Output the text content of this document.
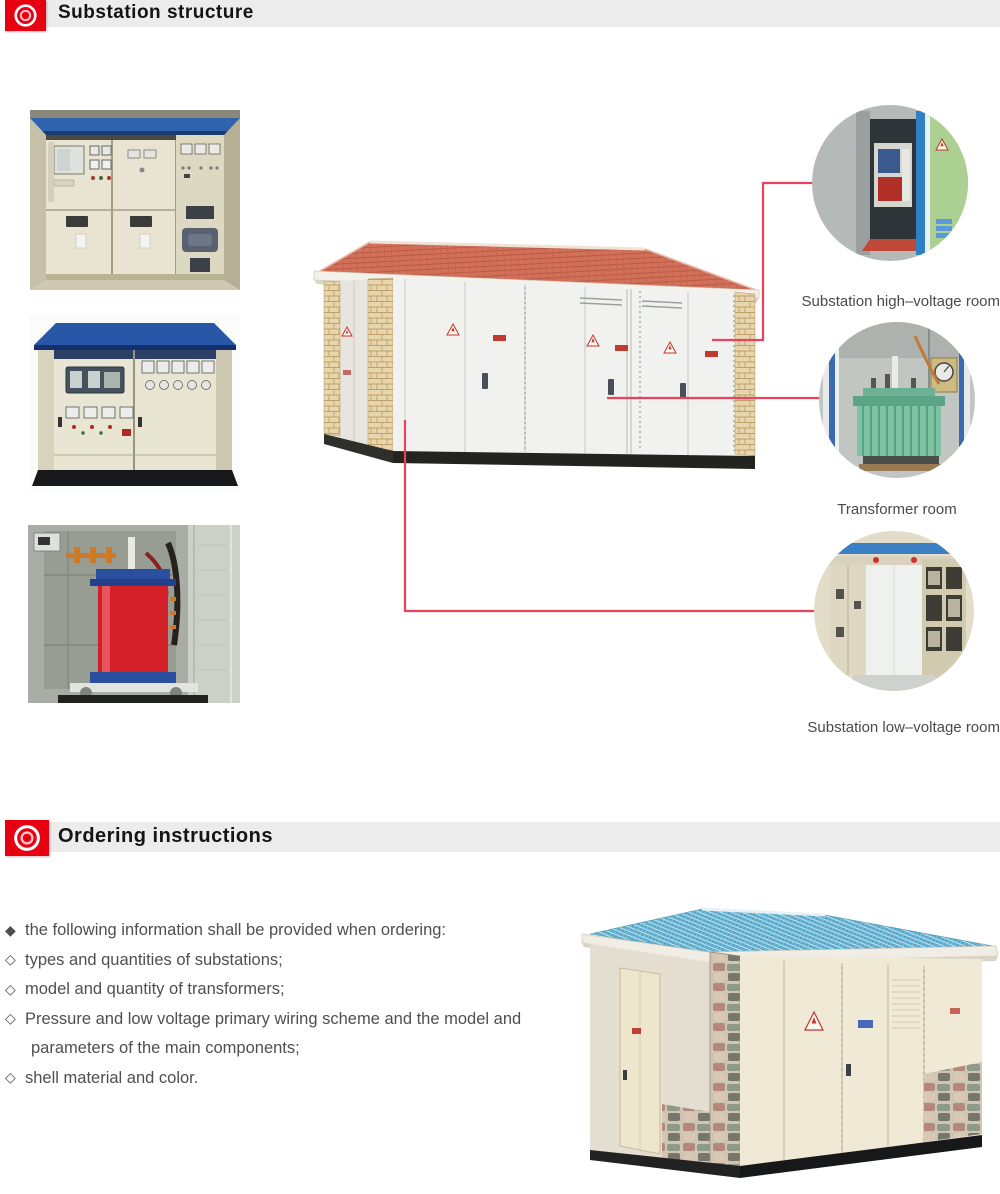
Substation structure
Substation high–voltage room
Transformer room
Substation low–voltage room
Ordering instructions
◆ the following information shall be provided when ordering:
◇ types and quantities of substations;
◇ model and quantity of transformers;
◇ Pressure and low voltage primary wiring scheme and the model and
parameters of the main components;
◇ shell material and color.
